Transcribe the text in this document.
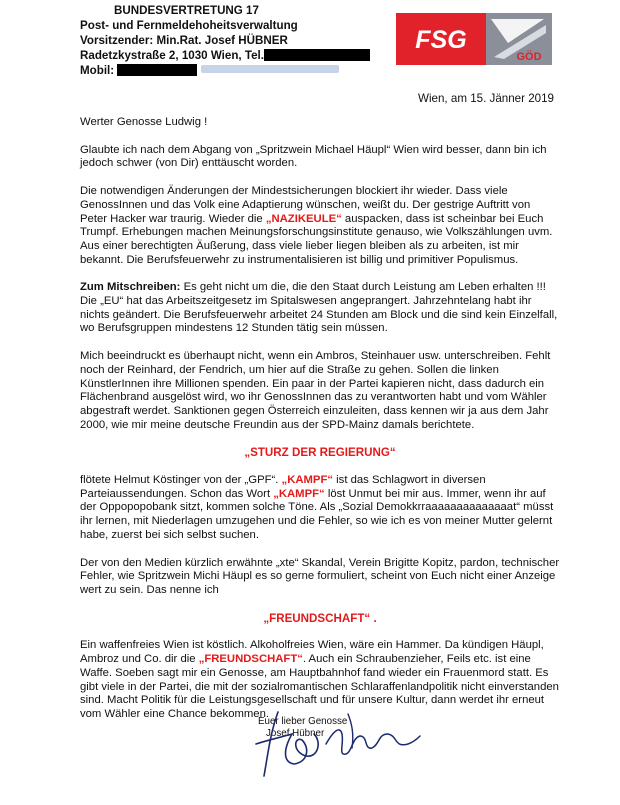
BUNDESVERTRETUNG 17
Post- und Fernmeldehoheitsverwaltung
Vorsitzender: Min.Rat. Josef HÜBNER
Radetzkystraße 2, 1030 Wien, Tel.
Mobil:
FSG
GÖD
Wien, am 15. Jänner 2019

Werter Genosse Ludwig !

Glaubte ich nach dem Abgang von „Spritzwein Michael Häupl“ Wien wird besser, dann bin ich jedoch schwer (von Dir) enttäuscht worden.

Die notwendigen Änderungen der Mindestsicherungen blockiert ihr wieder. Dass viele GenossInnen und das Volk eine Adaptierung wünschen, weißt du. Der gestrige Auftritt von Peter Hacker war traurig. Wieder die „NAZIKEULE“ auspacken, dass ist scheinbar bei Euch Trumpf. Erhebungen machen Meinungsforschungsinstitute genauso, wie Volkszählungen uvm. Aus einer berechtigten Äußerung, dass viele lieber liegen bleiben als zu arbeiten, ist mir bekannt. Die Berufsfeuerwehr zu instrumentalisieren ist billig und primitiver Populismus.

Zum Mitschreiben: Es geht nicht um die, die den Staat durch Leistung am Leben erhalten !!! Die „EU“ hat das Arbeitszeitgesetz im Spitalswesen angeprangert. Jahrzehntelang habt ihr nichts geändert. Die Berufsfeuerwehr arbeitet 24 Stunden am Block und die sind kein Einzelfall, wo Berufsgruppen mindestens 12 Stunden tätig sein müssen.

Mich beeindruckt es überhaupt nicht, wenn ein Ambros, Steinhauer usw. unterschreiben. Fehlt noch der Reinhard, der Fendrich, um hier auf die Straße zu gehen. Sollen die linken KünstlerInnen ihre Millionen spenden. Ein paar in der Partei kapieren nicht, dass dadurch ein Flächenbrand ausgelöst wird, wo ihr GenossInnen das zu verantworten habt und vom Wähler abgestraft werdet. Sanktionen gegen Österreich einzuleiten, dass kennen wir ja aus dem Jahr 2000, wie mir meine deutsche Freundin aus der SPD-Mainz damals berichtete.

„STURZ DER REGIERUNG“

flötete Helmut Köstinger von der „GPF“. „KAMPF“ ist das Schlagwort in diversen Parteiaussendungen. Schon das Wort „KAMPF“ löst Unmut bei mir aus. Immer, wenn ihr auf der Oppopopobank sitzt, kommen solche Töne. Als „Sozial Demokkrraaaaaaaaaaaaaat“ müsst ihr lernen, mit Niederlagen umzugehen und die Fehler, so wie ich es von meiner Mutter gelernt habe, zuerst bei sich selbst suchen.

Der von den Medien kürzlich erwähnte „xte“ Skandal, Verein Brigitte Kopitz, pardon, technischer Fehler, wie Spritzwein Michi Häupl es so gerne formuliert, scheint von Euch nicht einer Anzeige wert zu sein. Das nenne ich

„FREUNDSCHAFT“ .

Ein waffenfreies Wien ist köstlich. Alkoholfreies Wien, wäre ein Hammer. Da kündigen Häupl, Ambroz und Co. dir die „FREUNDSCHAFT“. Auch ein Schraubenzieher, Feils etc. ist eine Waffe. Soeben sagt mir ein Genosse, am Hauptbahnhof fand wieder ein Frauenmord statt. Es gibt viele in der Partei, die mit der sozialromantischen Schlaraffenlandpolitik nicht einverstanden sind. Macht Politik für die Leistungsgesellschaft und für unsere Kultur, dann werdet ihr erneut vom Wähler eine Chance bekommen.

Euer lieber Genosse
Josef Hübner
